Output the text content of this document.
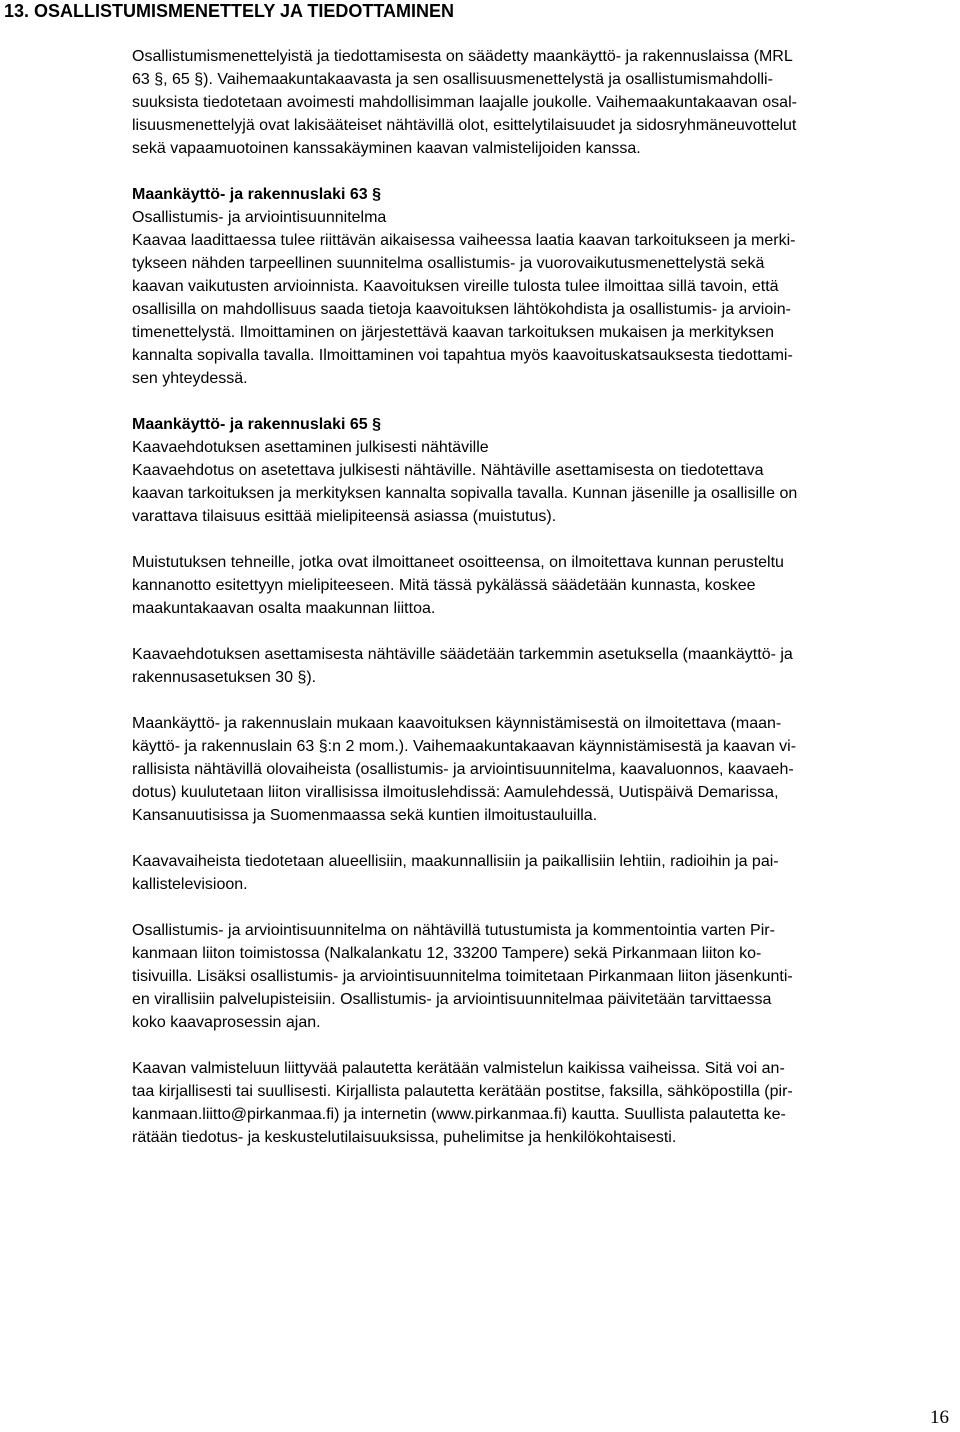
13. OSALLISTUMISMENETTELY JA TIEDOTTAMINEN
Osallistumismenettelyistä ja tiedottamisesta on säädetty maankäyttö- ja rakennuslaissa (MRL
63 §, 65 §). Vaihemaakuntakaavasta ja sen osallisuusmenettelystä ja osallistumismahdolli-
suuksista tiedotetaan avoimesti mahdollisimman laajalle joukolle. Vaihemaakuntakaavan osal-
lisuusmenettelyjä ovat lakisääteiset nähtävillä olot, esittelytilaisuudet ja sidosryhmäneuvottelut
sekä vapaamuotoinen kanssakäyminen kaavan valmistelijoiden kanssa.
Maankäyttö- ja rakennuslaki 63 §
Osallistumis- ja arviointisuunnitelma
Kaavaa laadittaessa tulee riittävän aikaisessa vaiheessa laatia kaavan tarkoitukseen ja merki-
tykseen nähden tarpeellinen suunnitelma osallistumis- ja vuorovaikutusmenettelystä sekä
kaavan vaikutusten arvioinnista. Kaavoituksen vireille tulosta tulee ilmoittaa sillä tavoin, että
osallisilla on mahdollisuus saada tietoja kaavoituksen lähtökohdista ja osallistumis- ja arvioin-
timenettelystä. Ilmoittaminen on järjestettävä kaavan tarkoituksen mukaisen ja merkityksen
kannalta sopivalla tavalla. Ilmoittaminen voi tapahtua myös kaavoituskatsauksesta tiedottami-
sen yhteydessä.
Maankäyttö- ja rakennuslaki 65 §
Kaavaehdotuksen asettaminen julkisesti nähtäville
Kaavaehdotus on asetettava julkisesti nähtäville. Nähtäville asettamisesta on tiedotettava
kaavan tarkoituksen ja merkityksen kannalta sopivalla tavalla. Kunnan jäsenille ja osallisille on
varattava tilaisuus esittää mielipiteensä asiassa (muistutus).
Muistutuksen tehneille, jotka ovat ilmoittaneet osoitteensa, on ilmoitettava kunnan perusteltu
kannanotto esitettyyn mielipiteeseen. Mitä tässä pykälässä säädetään kunnasta, koskee
maakuntakaavan osalta maakunnan liittoa.
Kaavaehdotuksen asettamisesta nähtäville säädetään tarkemmin asetuksella (maankäyttö- ja
rakennusasetuksen 30 §).
Maankäyttö- ja rakennuslain mukaan kaavoituksen käynnistämisestä on ilmoitettava (maan-
käyttö- ja rakennuslain 63 §:n 2 mom.). Vaihemaakuntakaavan käynnistämisestä ja kaavan vi-
rallisista nähtävillä olovaiheista (osallistumis- ja arviointisuunnitelma, kaavaluonnos, kaavaeh-
dotus) kuulutetaan liiton virallisissa ilmoituslehdissä: Aamulehdessä, Uutispäivä Demarissa,
Kansanuutisissa ja Suomenmaassa sekä kuntien ilmoitustauluilla.
Kaavavaiheista tiedotetaan alueellisiin, maakunnallisiin ja paikallisiin lehtiin, radioihin ja pai-
kallistelevisioon.
Osallistumis- ja arviointisuunnitelma on nähtävillä tutustumista ja kommentointia varten Pir-
kanmaan liiton toimistossa (Nalkalankatu 12, 33200 Tampere) sekä Pirkanmaan liiton ko-
tisivuilla. Lisäksi osallistumis- ja arviointisuunnitelma toimitetaan Pirkanmaan liiton jäsenkunti-
en virallisiin palvelupisteisiin. Osallistumis- ja arviointisuunnitelmaa päivitetään tarvittaessa
koko kaavaprosessin ajan.
Kaavan valmisteluun liittyvää palautetta kerätään valmistelun kaikissa vaiheissa. Sitä voi an-
taa kirjallisesti tai suullisesti. Kirjallista palautetta kerätään postitse, faksilla, sähköpostilla (pir-
kanmaan.liitto@pirkanmaa.fi) ja internetin (www.pirkanmaa.fi) kautta. Suullista palautetta ke-
rätään tiedotus- ja keskustelutilaisuuksissa, puhelimitse ja henkilökohtaisesti.
16
